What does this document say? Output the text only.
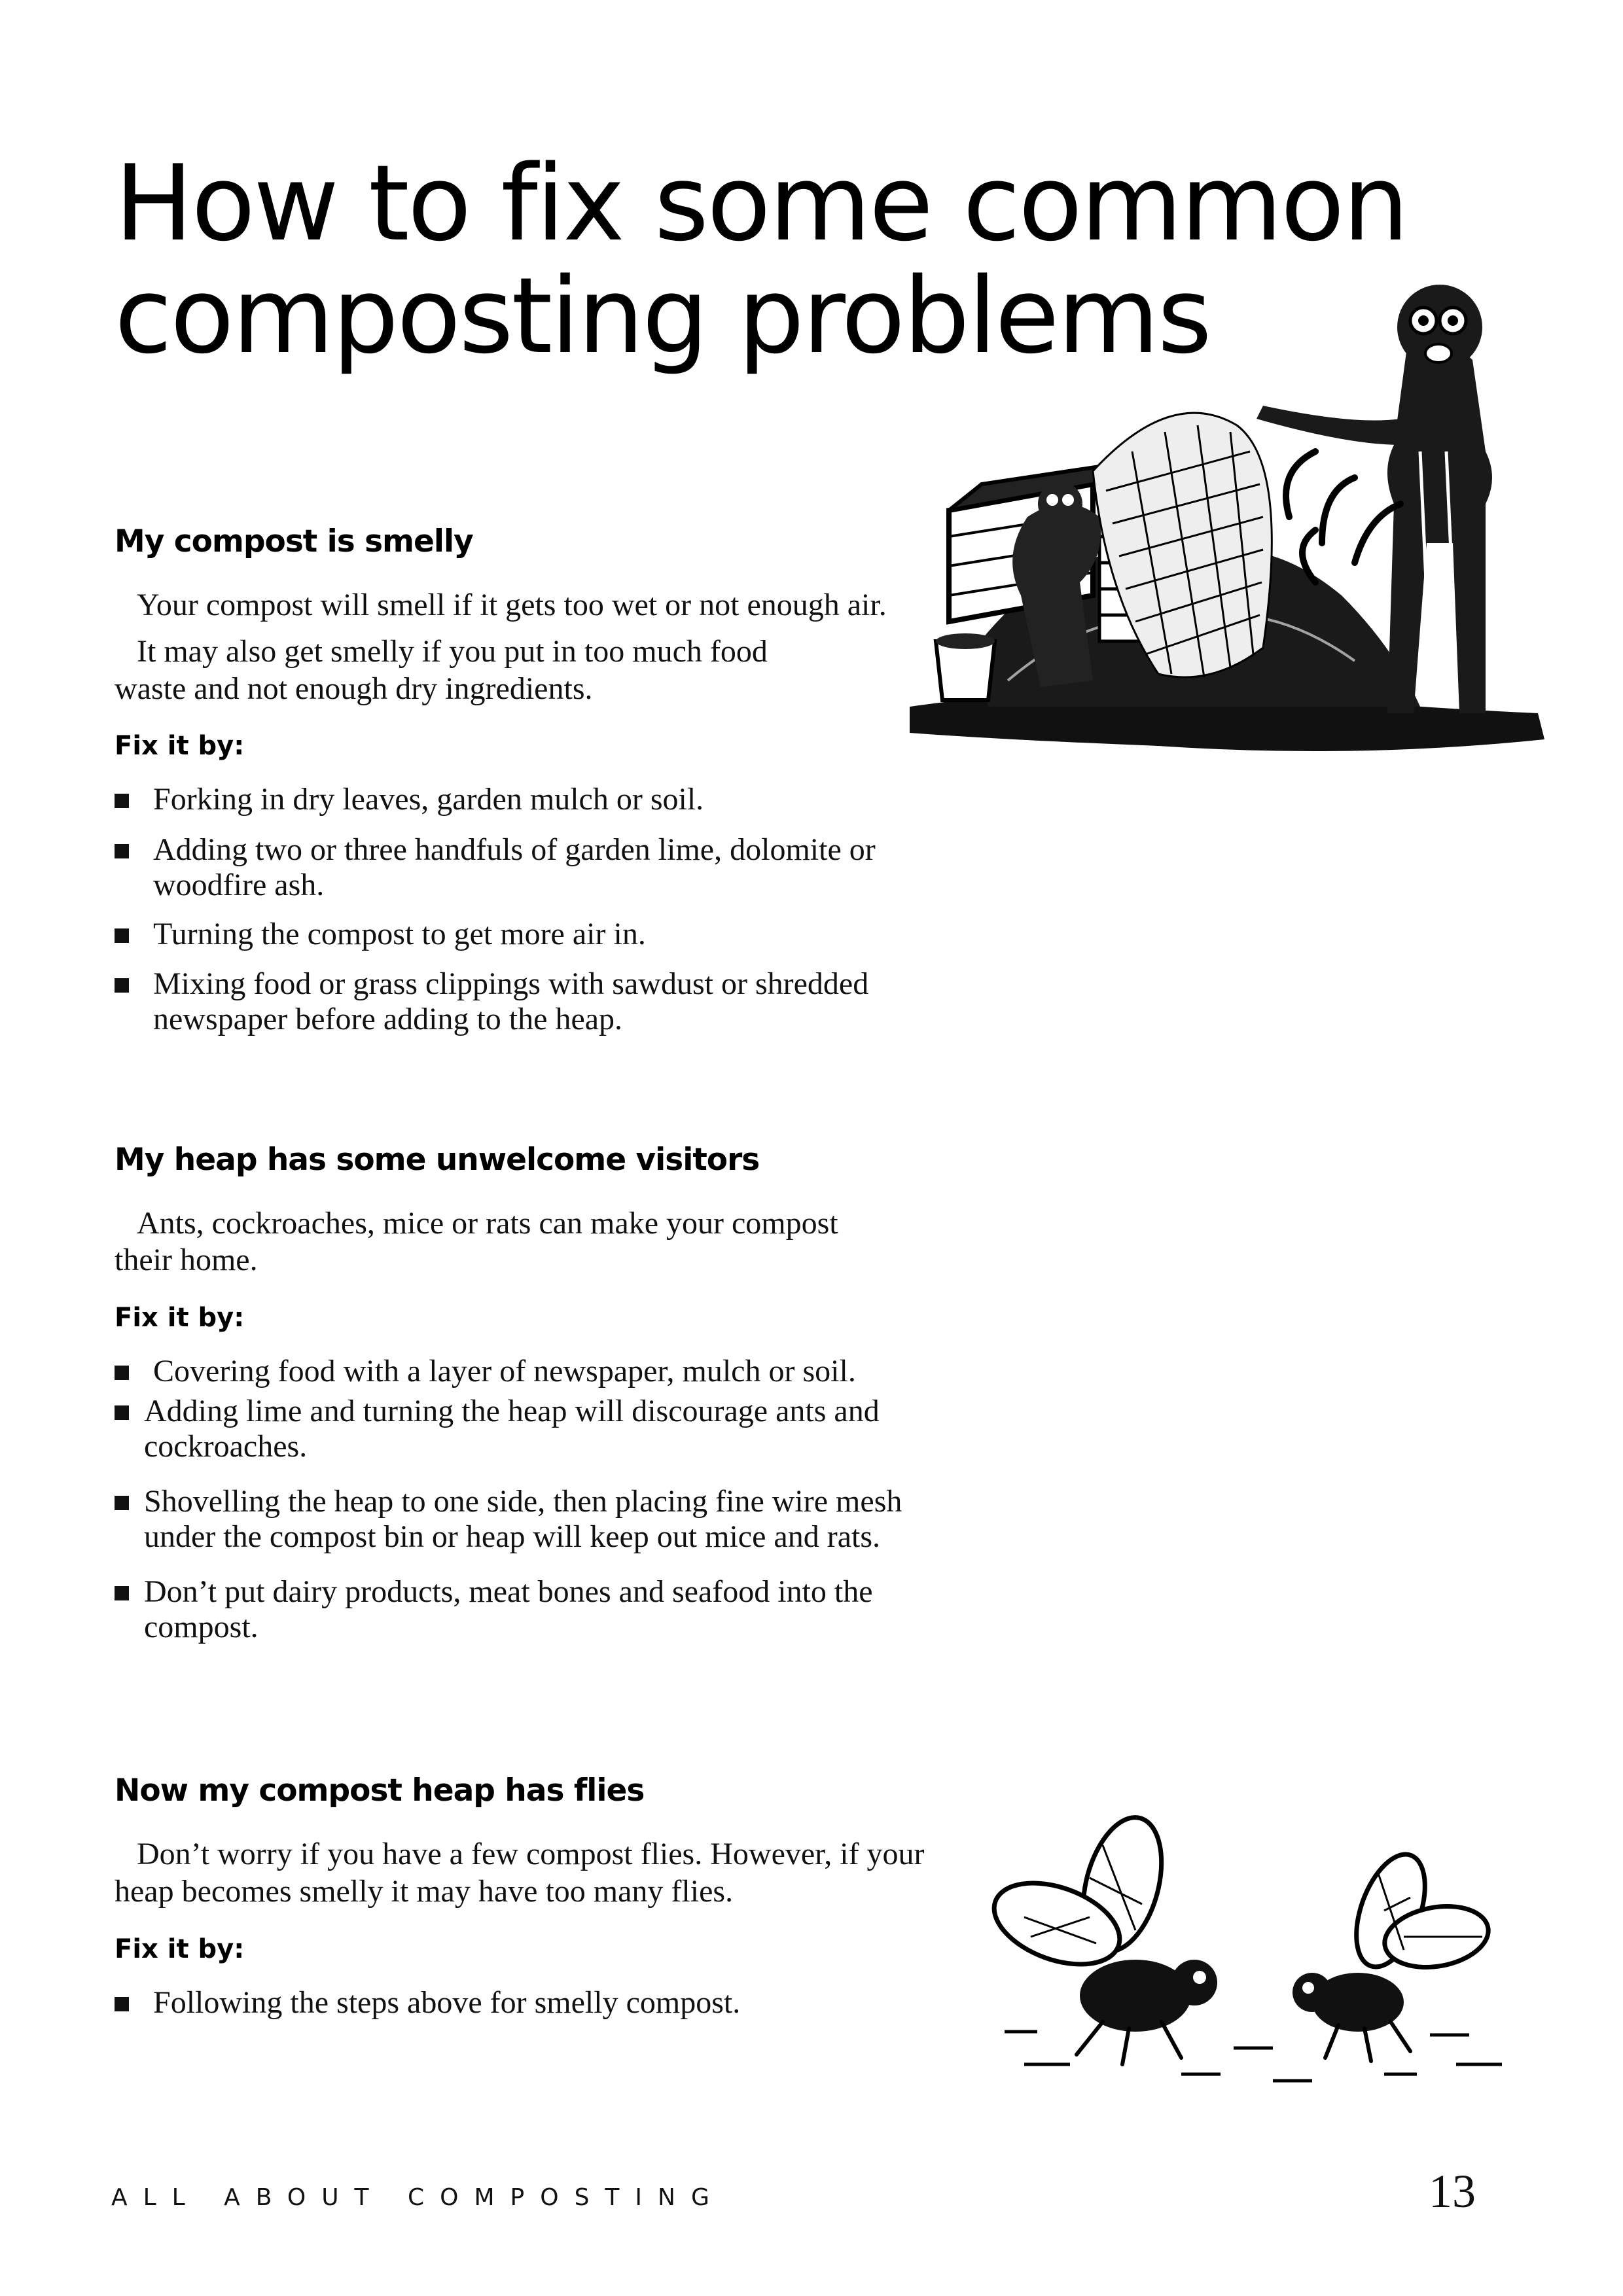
How to fix some common
composting problems
My compost is smelly

Your compost will smell if it gets too wet or not enough air.

It may also get smelly if you put in too much food

waste and not enough dry ingredients.

Fix it by:

Forking in dry leaves, garden mulch or soil.
Adding two or three handfuls of garden lime, dolomite or
woodfire ash.
Turning the compost to get more air in.
Mixing food or grass clippings with sawdust or shredded
newspaper before adding to the heap.
My heap has some unwelcome visitors

Ants, cockroaches, mice or rats can make your compost

their home.

Fix it by:

Covering food with a layer of newspaper, mulch or soil.
Adding lime and turning the heap will discourage ants and
cockroaches.
Shovelling the heap to one side, then placing fine wire mesh
under the compost bin or heap will keep out mice and rats.
Don’t put dairy products, meat bones and seafood into the
compost.
Now my compost heap has flies

Don’t worry if you have a few compost flies. However, if your

heap becomes smelly it may have too many flies.

Fix it by:

Following the steps above for smelly compost.
ALL ABOUT COMPOSTING	13
